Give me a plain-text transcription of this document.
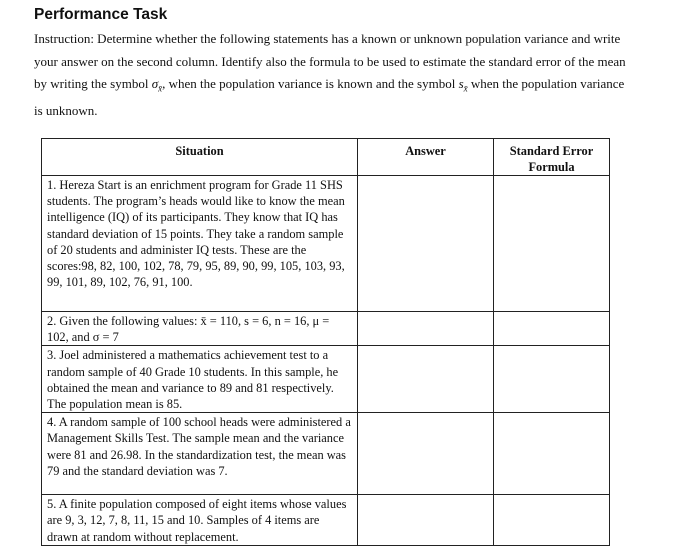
Performance Task

Instruction: Determine whether the following statements has a known or unknown population variance and write your answer on the second column. Identify also the formula to be used to estimate the standard error of the mean by writing the symbol $\sigma_{x̄}$, when the population variance is known and the symbol $s_{x̄}$ when the population variance is unknown.

Situation	Answer	Standard Error Formula
1. Hereza Start is an enrichment program for Grade 11 SHS students. The program’s heads would like to know the mean intelligence (IQ) of its participants. They know that IQ has standard deviation of 15 points. They take a random sample of 20 students and administer IQ tests. These are the scores:98, 82, 100, 102, 78, 79, 95, 89, 90, 99, 105, 103, 93, 99, 101, 89, 102, 76, 91, 100.		
2. Given the following values: x̄ = 110, s = 6, n = 16, μ = 102, and σ = 7		
3. Joel administered a mathematics achievement test to a random sample of 40 Grade 10 students. In this sample, he obtained the mean and variance to 89 and 81 respectively. The population mean is 85.		
4. A random sample of 100 school heads were administered a Management Skills Test. The sample mean and the variance were 81 and 26.98. In the standardization test, the mean was 79 and the standard deviation was 7.		
5. A finite population composed of eight items whose values are 9, 3, 12, 7, 8, 11, 15 and 10. Samples of 4 items are drawn at random without replacement.		
